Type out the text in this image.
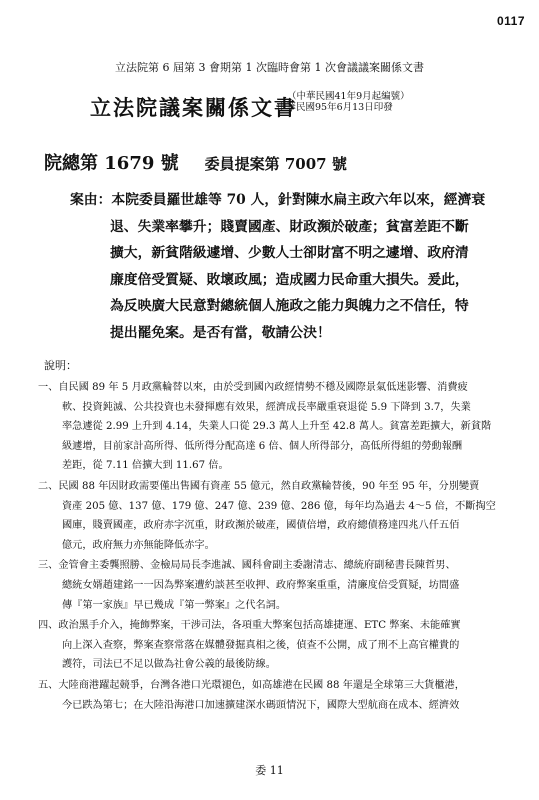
0117
立法院第 6 屆第 3 會期第 1 次臨時會第 1 次會議議案關係文書
立法院議案關係文書
（中華民國41年9月起編號）
中華民國95年6月13日印發
院總第 1679 號 委員提案第 7007 號
案由：本院委員羅世雄等 70 人，針對陳水扁主政六年以來，經濟衰
退、失業率攀升；賤賣國產、財政瀕於破產；貧富差距不斷
擴大，新貧階級遽增、少數人士卻財富不明之遽增、政府清
廉度倍受質疑、敗壞政風；造成國力民命重大損失。爰此，
為反映廣大民意對總統個人施政之能力與魄力之不信任，特
提出罷免案。是否有當，敬請公決！
說明：
一、自民國 89 年 5 月政黨輪替以來，由於受到國內政經情勢不穩及國際景氣低迷影響、消費疲
軟、投資鈍滅、公共投資也未發揮應有效果，經濟成長率嚴重衰退從 5.9 下降到 3.7，失業
率急遽從 2.99 上升到 4.14，失業人口從 29.3 萬人上升至 42.8 萬人。貧富差距擴大，新貧階
級遽增，目前家計高所得、低所得分配高達 6 倍、個人所得部分，高低所得組的勞動報酬
差距，從 7.11 倍擴大到 11.67 倍。
二、民國 88 年因財政需要僅出售國有資產 55 億元，然自政黨輪替後，90 年至 95 年，分別變賣
資產 205 億、137 億、179 億、247 億、239 億、286 億，每年均為過去 4～5 倍，不斷掏空
國庫，賤賣國產，政府赤字沉重，財政瀕於破產，國債倍增，政府總債務達四兆八仟五佰
億元，政府無力亦無能降低赤字。
三、金管會主委龔照勝、金檢局局長李進誠、國科會副主委謝清志、總統府副秘書長陳哲男、
總統女婿趙建銘一一因為弊案遭約談甚至收押、政府弊案重重，清廉度倍受質疑，坊間盛
傳『第一家族』早已幾成『第一弊案』之代名詞。
四、政治黑手介入，掩飾弊案，干涉司法，各項重大弊案包括高雄捷運、ETC 弊案、未能確實
向上深入查察，弊案查察常落在媒體發掘真相之後，偵查不公開，成了刑不上高官權貴的
護符，司法已不足以做為社會公義的最後防線。
五、大陸商港躍起競爭，台灣各港口光環褪色，如高雄港在民國 88 年還是全球第三大貨櫃港，
今已跌為第七；在大陸沿海港口加速擴建深水碼頭情況下，國際大型航商在成本、經濟效
委 11
